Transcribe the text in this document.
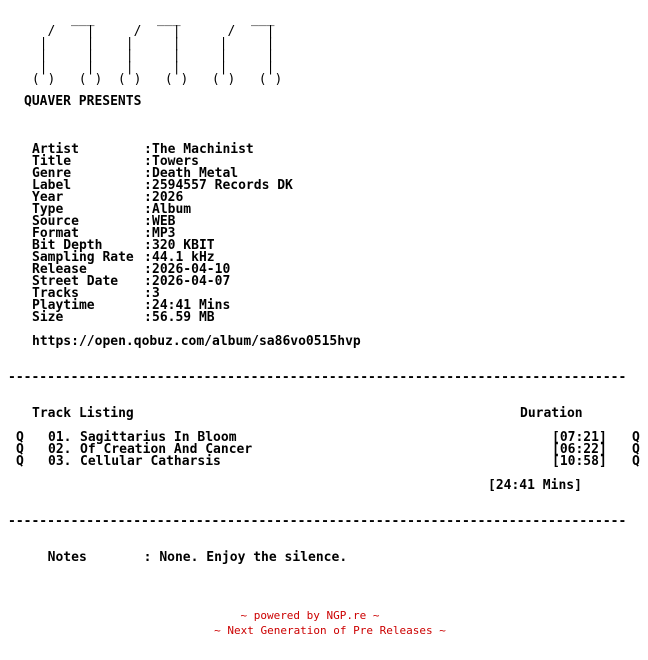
___        ___         ___
/    |     /    |      /    |
|     |    |     |     |     |
|     |    |     |     |     |
|     |    |     |     |     |
( )   ( )  ( )   ( )   ( )   ( )
QUAVER PRESENTS
Artist	: The Machinist
Title	: Towers
Genre	: Death Metal
Label	: 2594557 Records DK
Year	: 2026
Type	: Album
Source	: WEB
Format	: MP3
Bit Depth	: 320 KBIT
Sampling Rate : 44.1 kHz
Release	: 2026-04-10
Street Date	: 2026-04-07
Tracks	: 3
Playtime	: 24:41 Mins
Size	: 56.59 MB
https://open.qobuz.com/album/sa86vo0515hvp
-------------------------------------------------------------------------------
Track Listing	Duration
Q 01. Sagittarius In Bloom	[07:21] Q
Q 02. Of Creation And Cancer	[06:22] Q
Q 03. Cellular Catharsis	[10:58] Q
[24:41 Mins]
-------------------------------------------------------------------------------

Notes	: None. Enjoy the silence.

~ powered by NGP.re ~
~ Next Generation of Pre Releases ~
